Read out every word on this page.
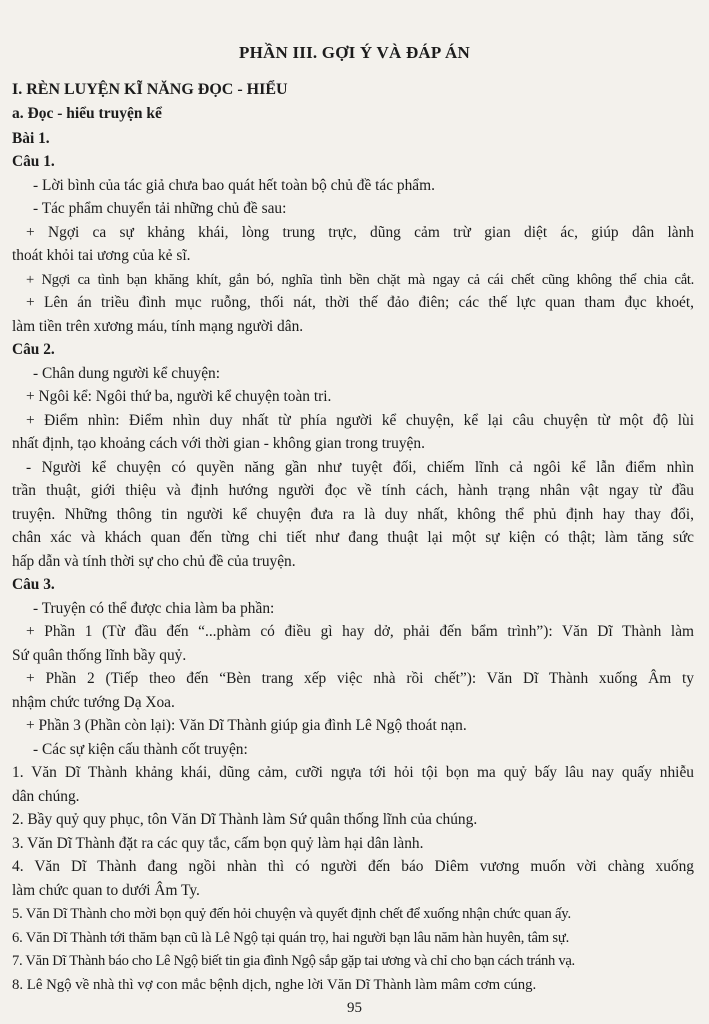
PHẦN III. GỢI Ý VÀ ĐÁP ÁN
I. RÈN LUYỆN KĨ NĂNG ĐỌC - HIỂU
a. Đọc - hiểu truyện kể
Bài 1.
Câu 1.
- Lời bình của tác giả chưa bao quát hết toàn bộ chủ đề tác phẩm.
- Tác phẩm chuyển tải những chủ đề sau:
+ Ngợi ca sự khảng khái, lòng trung trực, dũng cảm trừ gian diệt ác, giúp dân lành
thoát khỏi tai ương của kẻ sĩ.
+ Ngợi ca tình bạn khăng khít, gắn bó, nghĩa tình bền chặt mà ngay cả cái chết cũng không thể chia cắt.
+ Lên án triều đình mục ruỗng, thối nát, thời thế đảo điên; các thế lực quan tham đục khoét,
làm tiền trên xương máu, tính mạng người dân.
Câu 2.
- Chân dung người kể chuyện:
+ Ngôi kể: Ngôi thứ ba, người kể chuyện toàn tri.
+ Điểm nhìn: Điểm nhìn duy nhất từ phía người kể chuyện, kể lại câu chuyện từ một độ lùi
nhất định, tạo khoảng cách với thời gian - không gian trong truyện.
- Người kể chuyện có quyền năng gần như tuyệt đối, chiếm lĩnh cả ngôi kể lẫn điểm nhìn
trần thuật, giới thiệu và định hướng người đọc về tính cách, hành trạng nhân vật ngay từ đầu
truyện. Những thông tin người kể chuyện đưa ra là duy nhất, không thể phủ định hay thay đổi,
chân xác và khách quan đến từng chi tiết như đang thuật lại một sự kiện có thật; làm tăng sức
hấp dẫn và tính thời sự cho chủ đề của truyện.
Câu 3.
- Truyện có thể được chia làm ba phần:
+ Phần 1 (Từ đầu đến “...phàm có điều gì hay dở, phải đến bẩm trình”): Văn Dĩ Thành làm
Sứ quân thống lĩnh bầy quỷ.
+ Phần 2 (Tiếp theo đến “Bèn trang xếp việc nhà rồi chết”): Văn Dĩ Thành xuống Âm ty
nhậm chức tướng Dạ Xoa.
+ Phần 3 (Phần còn lại): Văn Dĩ Thành giúp gia đình Lê Ngộ thoát nạn.
- Các sự kiện cấu thành cốt truyện:
1. Văn Dĩ Thành khảng khái, dũng cảm, cưỡi ngựa tới hỏi tội bọn ma quỷ bấy lâu nay quấy nhiễu
dân chúng.
2. Bầy quỷ quy phục, tôn Văn Dĩ Thành làm Sứ quân thống lĩnh của chúng.
3. Văn Dĩ Thành đặt ra các quy tắc, cấm bọn quỷ làm hại dân lành.
4. Văn Dĩ Thành đang ngồi nhàn thì có người đến báo Diêm vương muốn vời chàng xuống
làm chức quan to dưới Âm Ty.
5. Văn Dĩ Thành cho mời bọn quỷ đến hỏi chuyện và quyết định chết để xuống nhận chức quan ấy.
6. Văn Dĩ Thành tới thăm bạn cũ là Lê Ngộ tại quán trọ, hai người bạn lâu năm hàn huyên, tâm sự.
7. Văn Dĩ Thành báo cho Lê Ngộ biết tin gia đình Ngộ sắp gặp tai ương và chỉ cho bạn cách tránh vạ.
8. Lê Ngộ về nhà thì vợ con mắc bệnh dịch, nghe lời Văn Dĩ Thành làm mâm cơm cúng.
95
